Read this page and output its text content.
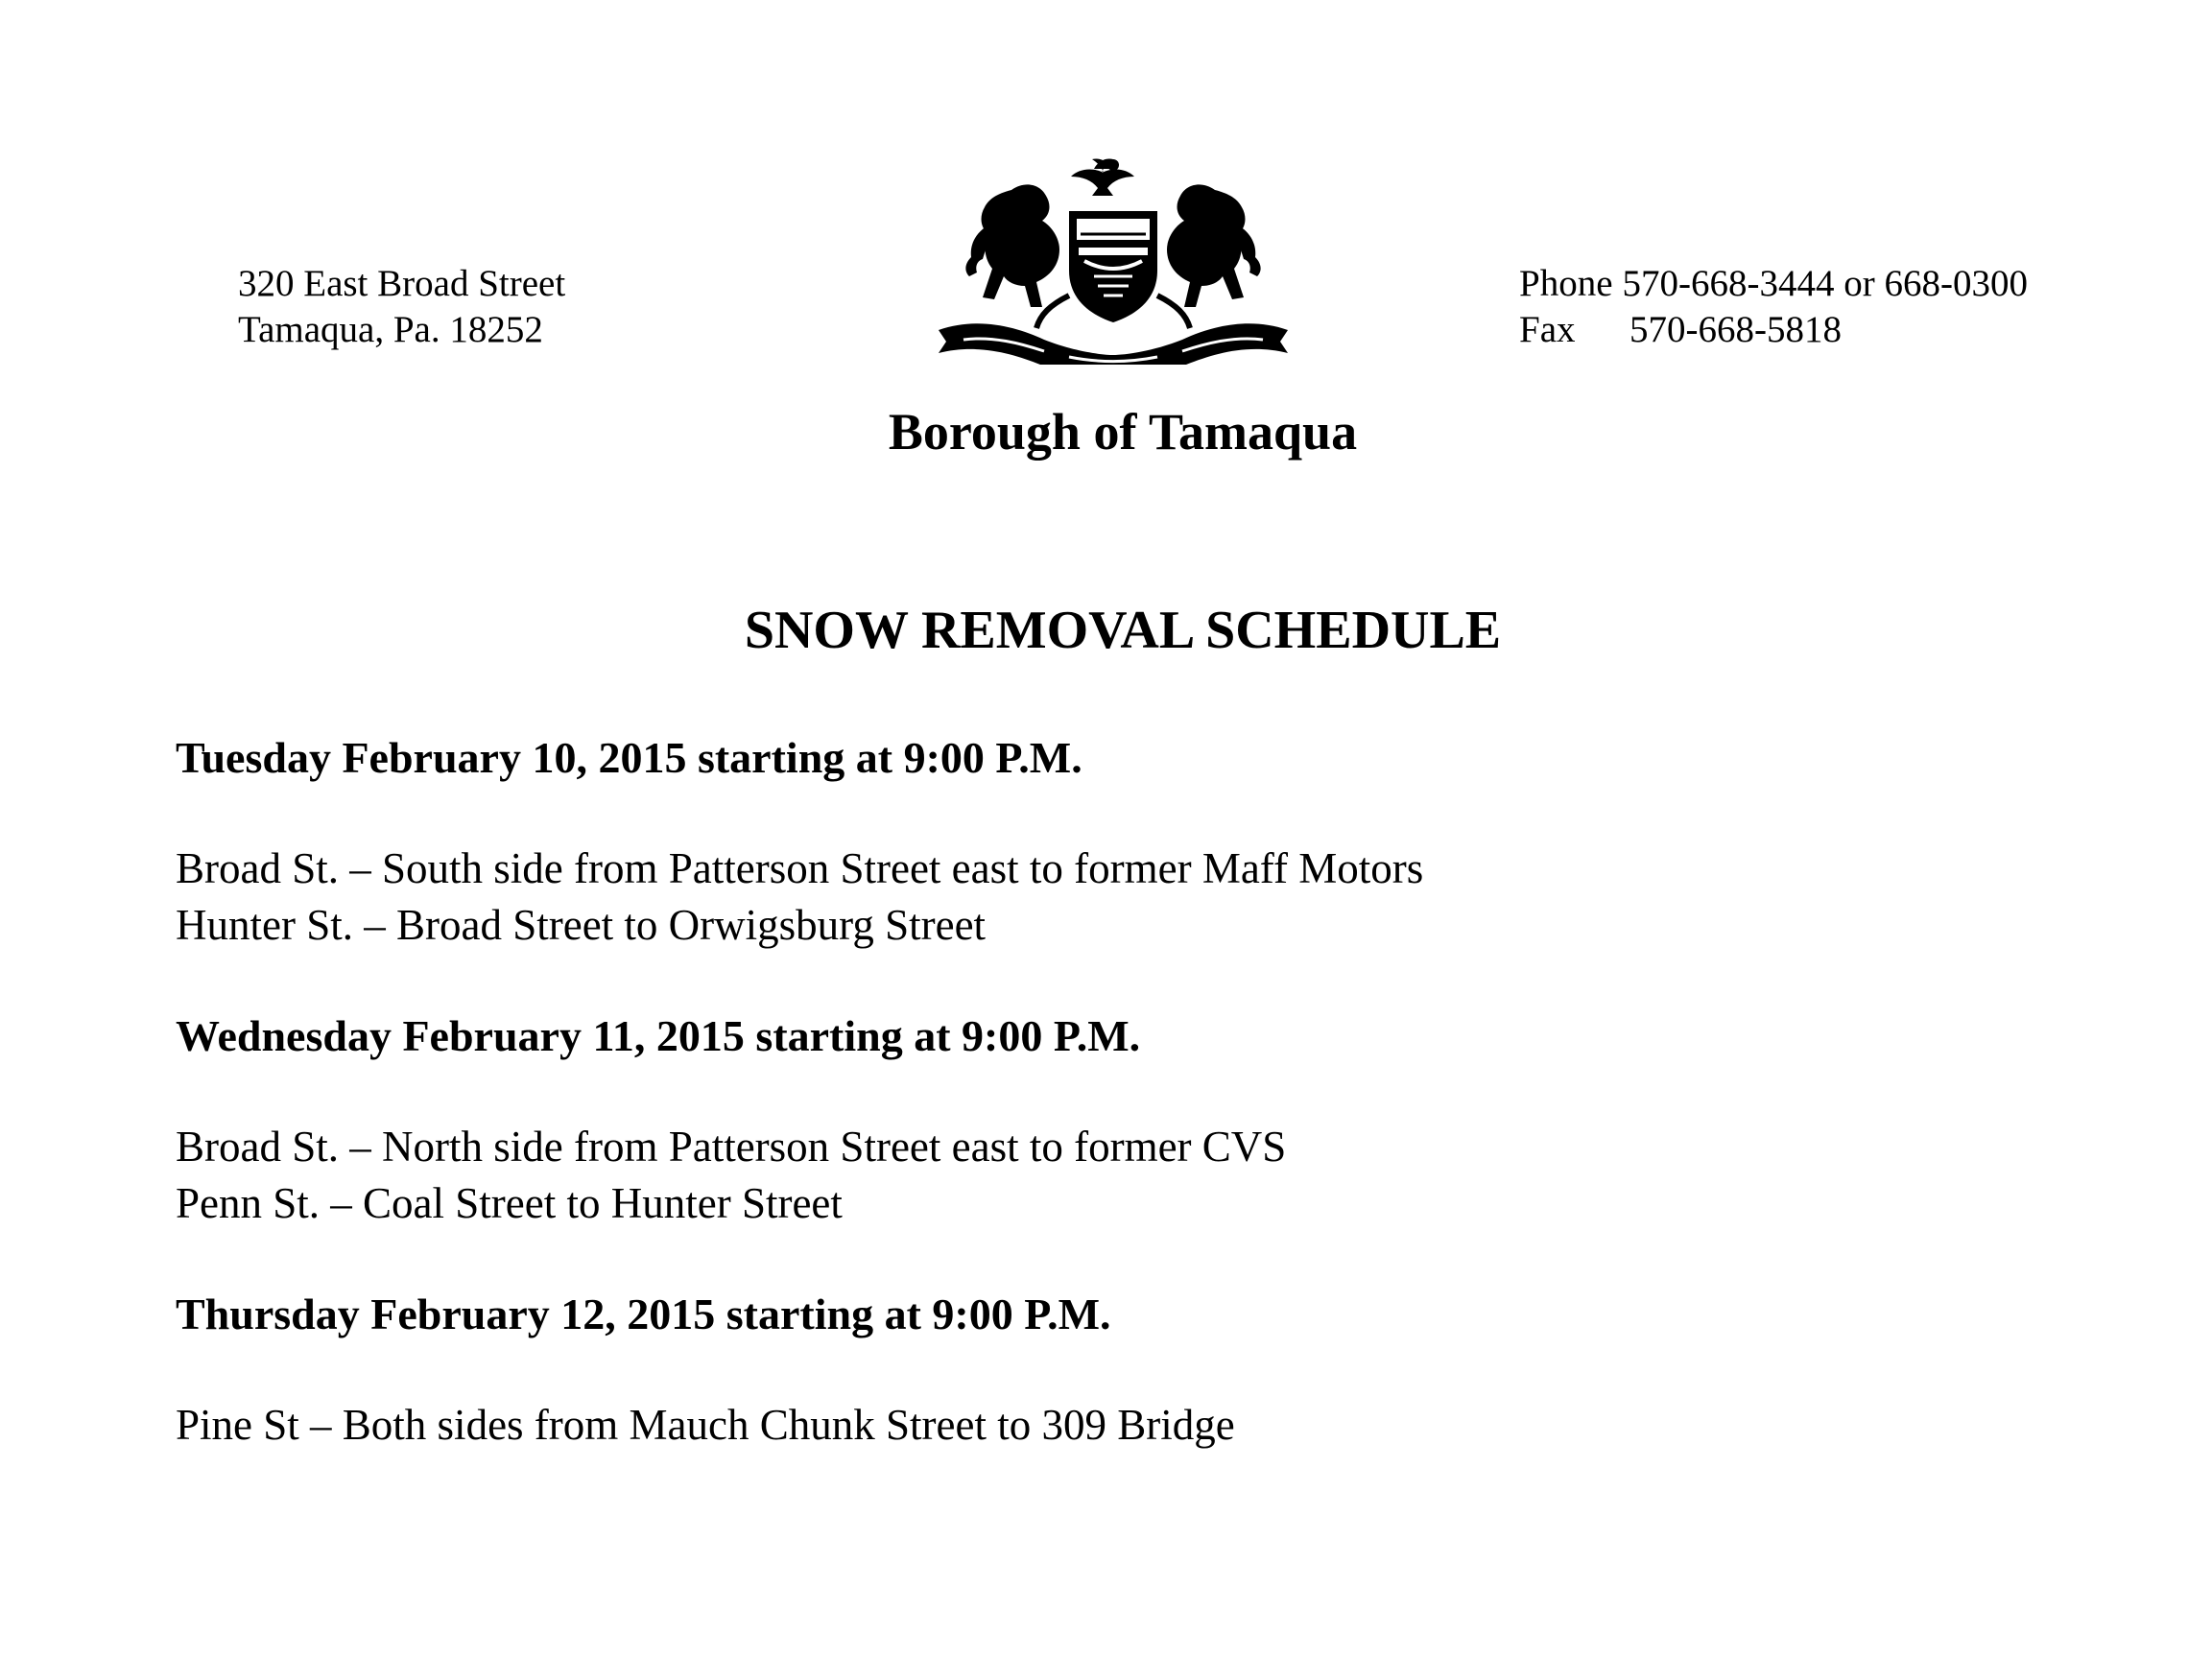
320 East Broad Street
Tamaqua, Pa. 18252
Phone 570-668-3444 or 668-0300
Fax 570-668-5818
Borough of Tamaqua
SNOW REMOVAL SCHEDULE

Tuesday February 10, 2015 starting at 9:00 P.M.

Broad St. – South side from Patterson Street east to former Maff Motors
Hunter St. – Broad Street to Orwigsburg Street

Wednesday February 11, 2015 starting at 9:00 P.M.

Broad St. – North side from Patterson Street east to former CVS
Penn St. – Coal Street to Hunter Street

Thursday February 12, 2015 starting at 9:00 P.M.

Pine St – Both sides from Mauch Chunk Street to 309 Bridge
